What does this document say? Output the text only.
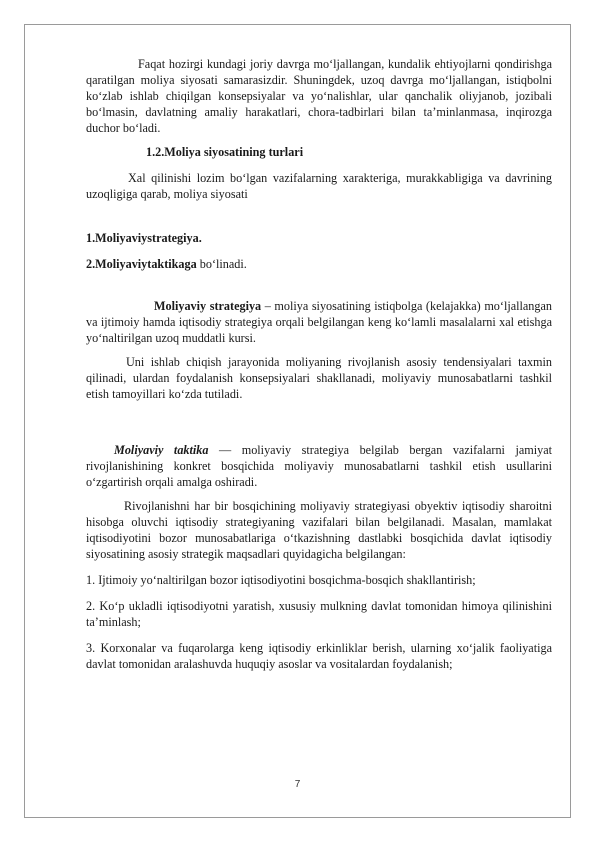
Faqat hozirgi kundagi joriy davrga mo‘ljallangan, kundalik ehtiyojlarni qondirishga qaratilgan moliya siyosati samarasizdir. Shuningdek, uzoq davrga mo‘ljallangan, istiqbolni ko‘zlab ishlab chiqilgan konsepsiyalar va yo‘nalishlar, ular qanchalik oliyjanob, jozibali bo‘lmasin, davlatning amaliy harakatlari, chora-tadbirlari bilan ta’minlanmasa, inqirozga duchor bo‘ladi.

1.2.Moliya siyosatining turlari

Xal qilinishi lozim bo‘lgan vazifalarning xarakteriga, murakkabligiga va davrining uzoqligiga qarab, moliya siyosati

1.Moliyaviystrategiya.

2.Moliyaviytaktikaga bo‘linadi.

Moliyaviy strategiya – moliya siyosatining istiqbolga (kelajakka) mo‘ljallangan va ijtimoiy hamda iqtisodiy strategiya orqali belgilangan keng ko‘lamli masalalarni xal etishga yo‘naltirilgan uzoq muddatli kursi.

Uni ishlab chiqish jarayonida moliyaning rivojlanish asosiy tendensiyalari taxmin qilinadi, ulardan foydalanish konsepsiyalari shakllanadi, moliyaviy munosabatlarni tashkil etish tamoyillari ko‘zda tutiladi.

Moliyaviy taktika — moliyaviy strategiya belgilab bergan vazifalarni jamiyat rivojlanishining konkret bosqichida moliyaviy munosabatlarni tashkil etish usullarini o‘zgartirish orqali amalga oshiradi.

Rivojlanishni har bir bosqichining moliyaviy strategiyasi obyektiv iqtisodiy sharoitni hisobga oluvchi iqtisodiy strategiyaning vazifalari bilan belgilanadi. Masalan, mamlakat iqtisodiyotini bozor munosabatlariga o‘tkazishning dastlabki bosqichida davlat iqtisodiy siyosatining asosiy strategik maqsadlari quyidagicha belgilangan:

1. Ijtimoiy yo‘naltirilgan bozor iqtisodiyotini bosqichma-bosqich shakllantirish;

2. Ko‘p ukladli iqtisodiyotni yaratish, xususiy mulkning davlat tomonidan himoya qilinishini ta’minlash;

3. Korxonalar va fuqarolarga keng iqtisodiy erkinliklar berish, ularning xo‘jalik faoliyatiga davlat tomonidan aralashuvda huquqiy asoslar va vositalardan foydalanish;

7
